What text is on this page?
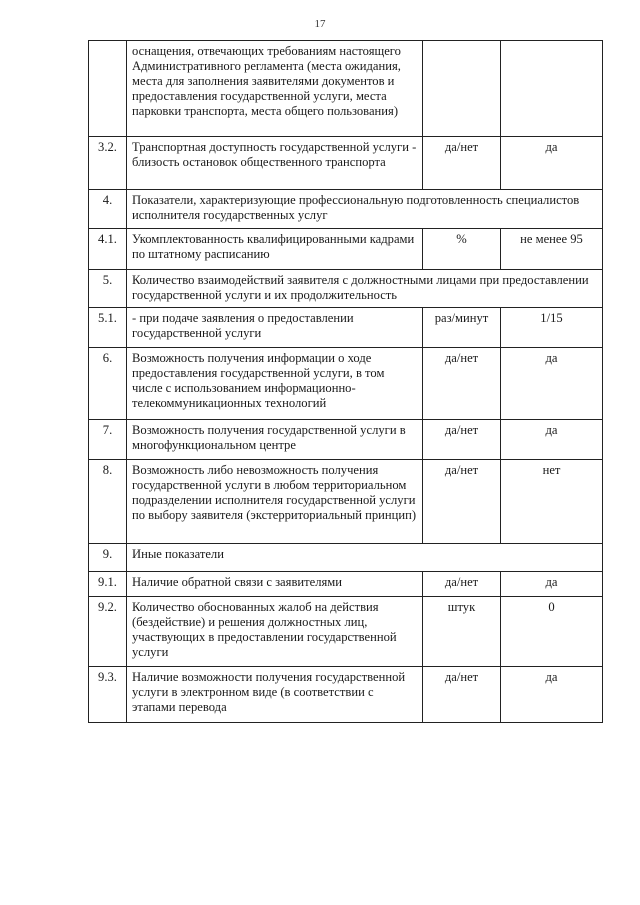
17
	оснащения, отвечающих требованиям настоящего Административного регламента (места ожидания, места для заполнения заявителями документов и предоставления государственной услуги, места парковки транспорта, места общего пользования)		
3.2.	Транспортная доступность государственной услуги - близость остановок общественного транспорта	да/нет	да
4.	Показатели, характеризующие профессиональную подготовленность специалистов исполнителя государственных услуг		
4.1.	Укомплектованность квалифицированными кадрами по штатному расписанию	%	не менее 95
5.	Количество взаимодействий заявителя с должностными лицами при предоставлении государственной услуги и их продолжительность		
5.1.	- при подаче заявления о предоставлении государственной услуги	раз/минут	1/15
6.	Возможность получения информации о ходе предоставления государственной услуги, в том числе с использованием информационно-телекоммуникационных технологий	да/нет	да
7.	Возможность получения государственной услуги в многофункциональном центре	да/нет	да
8.	Возможность либо невозможность получения государственной услуги в любом территориальном подразделении исполнителя государственной услуги по выбору заявителя (экстерриториальный принцип)	да/нет	нет
9.	Иные показатели		
9.1.	Наличие обратной связи с заявителями	да/нет	да
9.2.	Количество обоснованных жалоб на действия (бездействие) и решения должностных лиц, участвующих в предоставлении государственной услуги	штук	0
9.3.	Наличие возможности получения государственной услуги в электронном виде (в соответствии с этапами перевода	да/нет	да
